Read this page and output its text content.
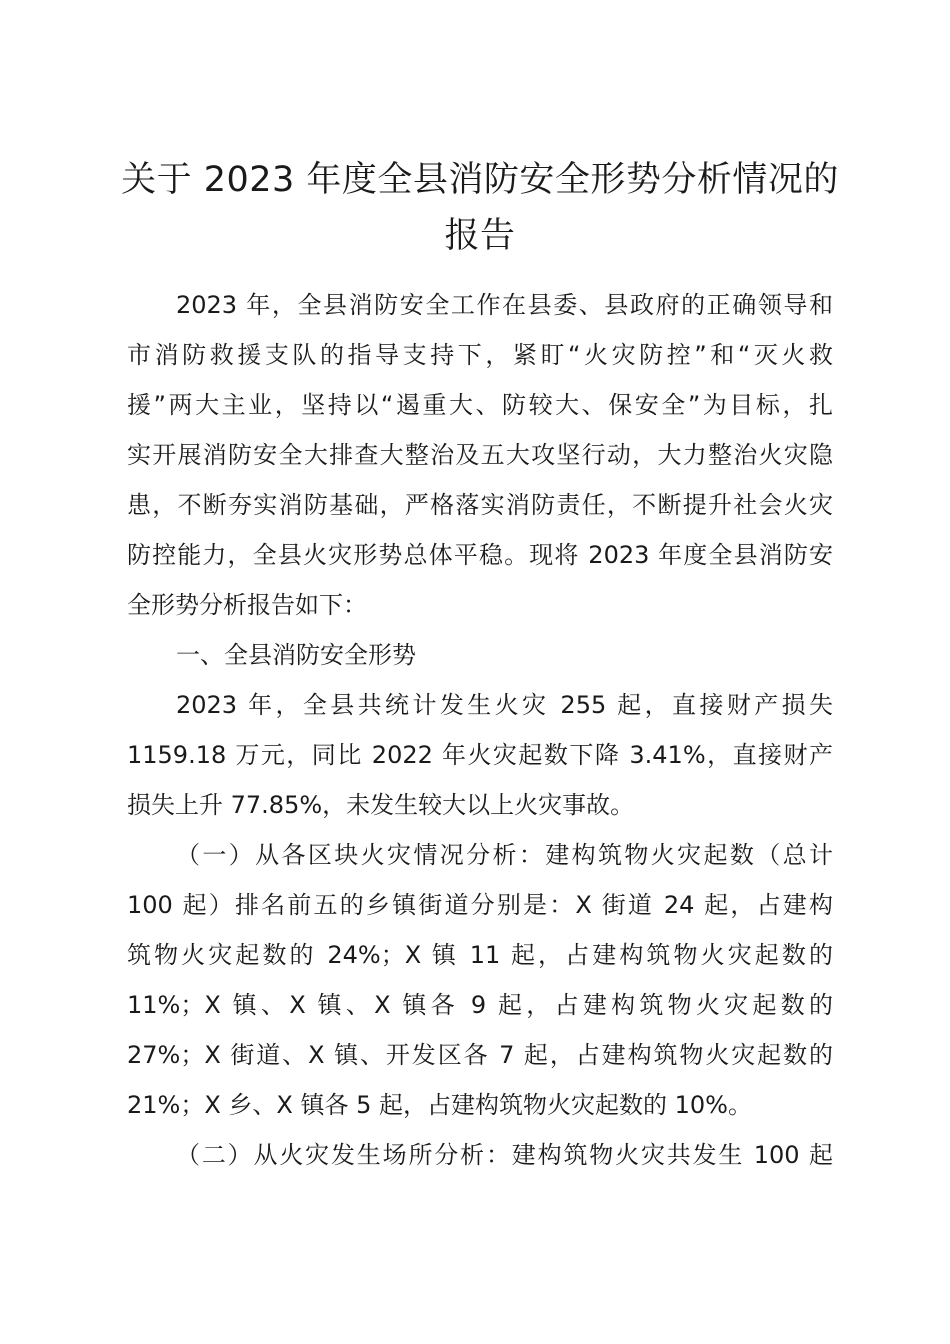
关于 2023 年度全县消防安全形势分析情况的
报告
2023 年，全县消防安全工作在县委、县政府的正确领导和
市消防救援支队的指导支持下，紧盯“火灾防控”和“灭火救
援”两大主业，坚持以“遏重大、防较大、保安全”为目标，扎
实开展消防安全大排查大整治及五大攻坚行动，大力整治火灾隐
患，不断夯实消防基础，严格落实消防责任，不断提升社会火灾
防控能力，全县火灾形势总体平稳。现将 2023 年度全县消防安
全形势分析报告如下：
一、全县消防安全形势
2023 年，全县共统计发生火灾 255 起，直接财产损失
1159.18 万元，同比 2022 年火灾起数下降 3.41%，直接财产
损失上升 77.85%，未发生较大以上火灾事故。
（一）从各区块火灾情况分析：建构筑物火灾起数（总计
100 起）排名前五的乡镇街道分别是：X 街道 24 起，占建构
筑物火灾起数的 24%；X 镇 11 起，占建构筑物火灾起数的
11%；X 镇、X 镇、X 镇各 9 起，占建构筑物火灾起数的
27%；X 街道、X 镇、开发区各 7 起，占建构筑物火灾起数的
21%；X 乡、X 镇各 5 起，占建构筑物火灾起数的 10%。
（二）从火灾发生场所分析：建构筑物火灾共发生 100 起
